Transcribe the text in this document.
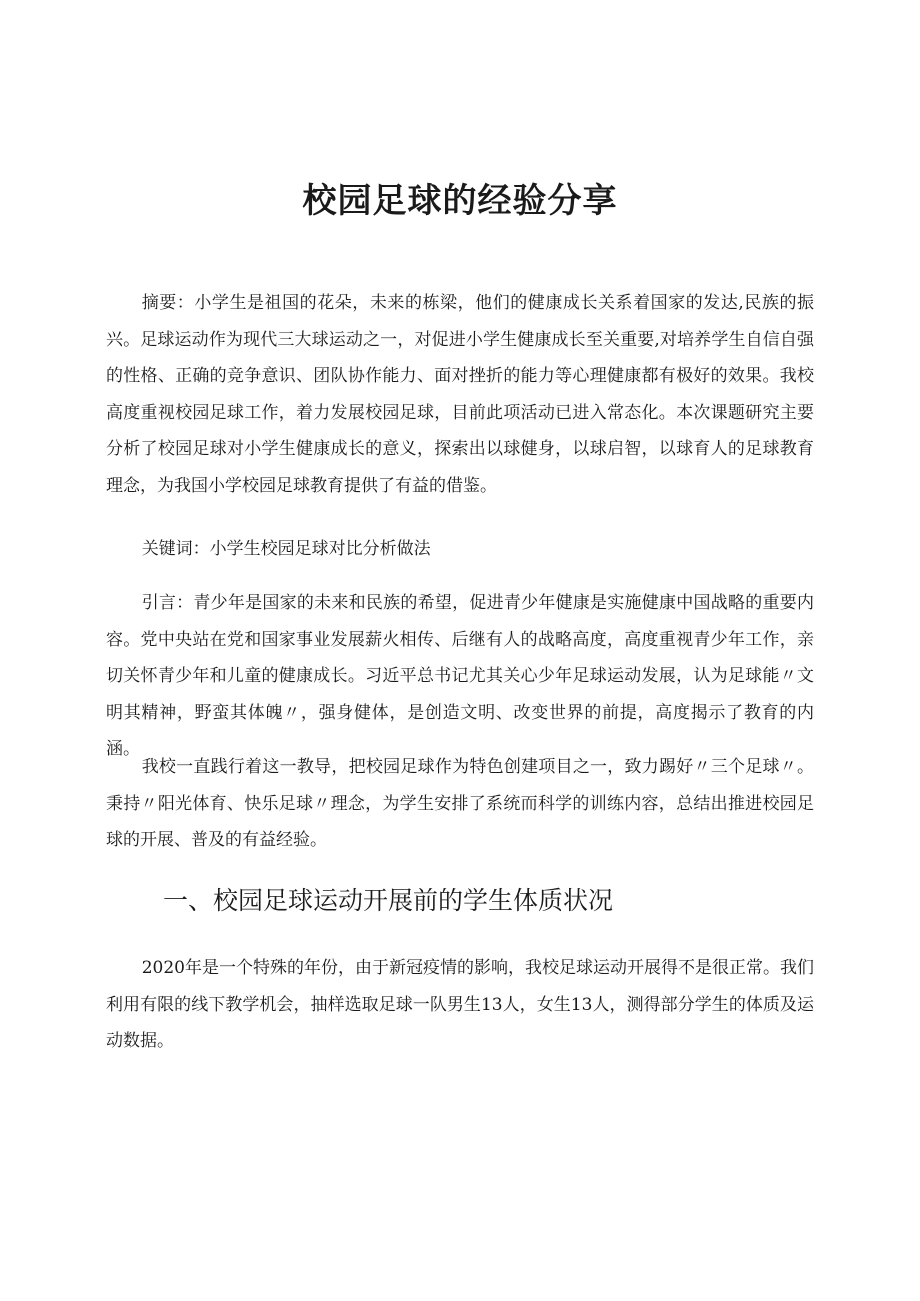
校园足球的经验分享

摘要：小学生是祖国的花朵，未来的栋梁，他们的健康成长关系着国家的发达,民族的振兴。足球运动作为现代三大球运动之一，对促进小学生健康成长至关重要,对培养学生自信自强的性格、正确的竞争意识、团队协作能力、面对挫折的能力等心理健康都有极好的效果。我校高度重视校园足球工作，着力发展校园足球，目前此项活动已进入常态化。本次课题研究主要分析了校园足球对小学生健康成长的意义，探索出以球健身，以球启智，以球育人的足球教育理念，为我国小学校园足球教育提供了有益的借鉴。

关键词：小学生校园足球对比分析做法

引言：青少年是国家的未来和民族的希望，促进青少年健康是实施健康中国战略的重要内容。党中央站在党和国家事业发展薪火相传、后继有人的战略高度，高度重视青少年工作，亲切关怀青少年和儿童的健康成长。习近平总书记尤其关心少年足球运动发展，认为足球能〃文明其精神，野蛮其体魄〃，强身健体，是创造文明、改变世界的前提，高度揭示了教育的内涵。

我校一直践行着这一教导，把校园足球作为特色创建项目之一，致力踢好〃三个足球〃。秉持〃阳光体育、快乐足球〃理念，为学生安排了系统而科学的训练内容，总结出推进校园足球的开展、普及的有益经验。

一、校园足球运动开展前的学生体质状况

2020年是一个特殊的年份，由于新冠疫情的影响，我校足球运动开展得不是很正常。我们利用有限的线下教学机会，抽样选取足球一队男生13人，女生13人，测得部分学生的体质及运动数据。
